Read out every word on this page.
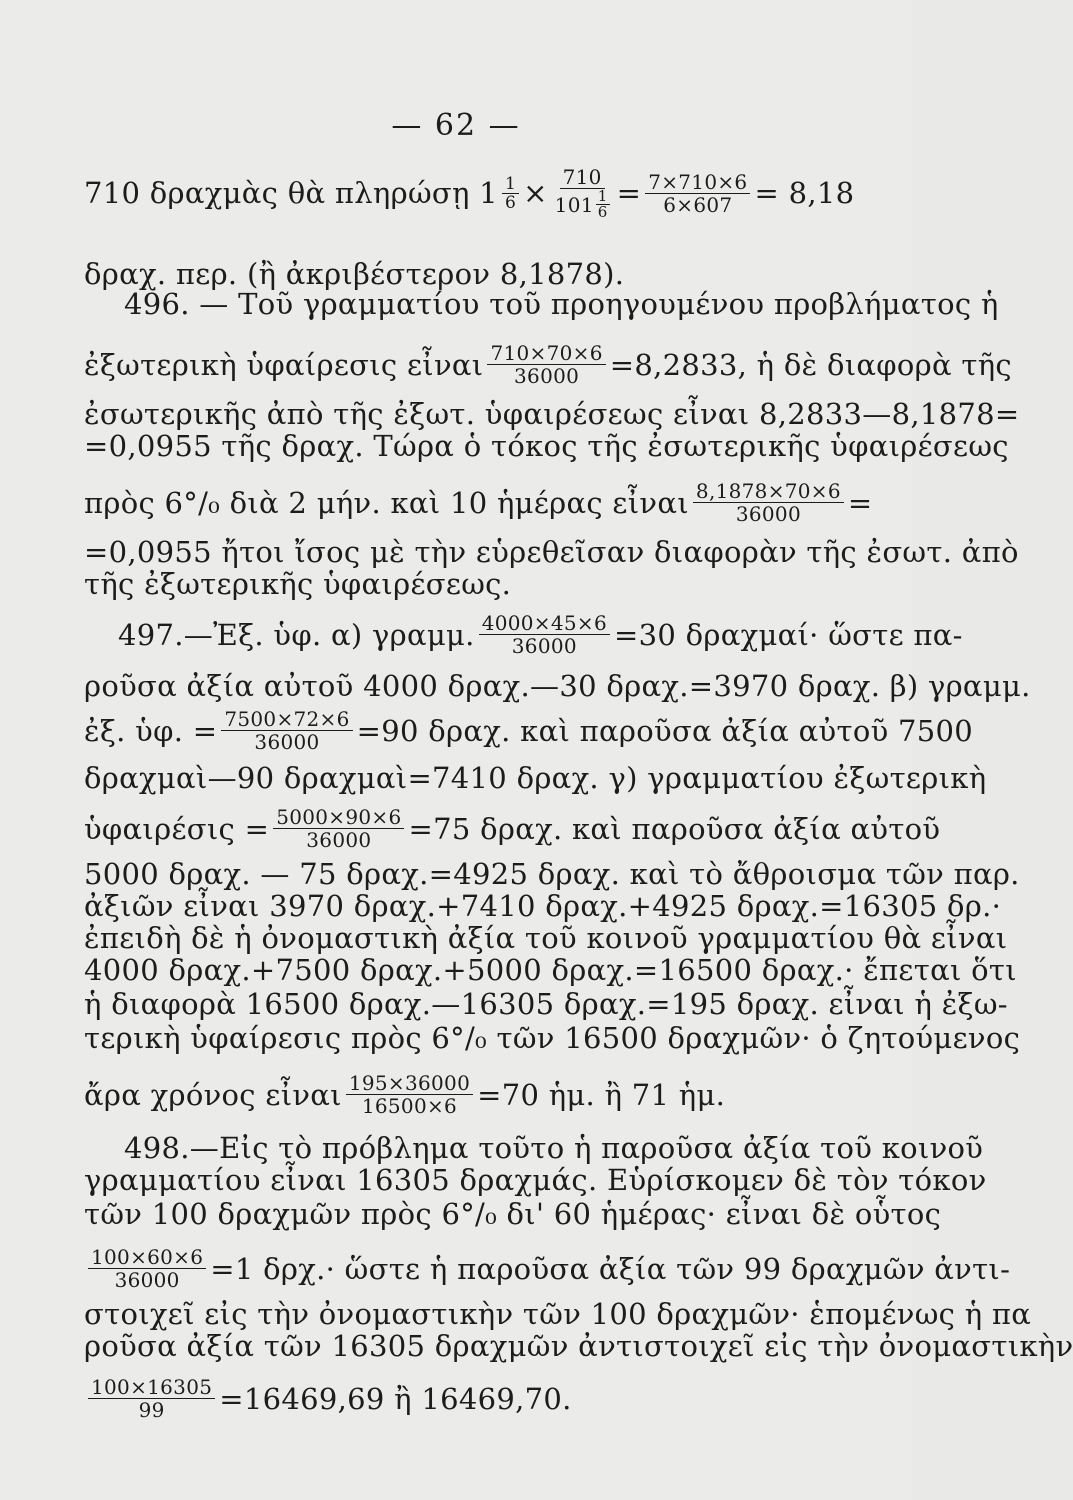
— 62 —
710 δραχμὰς θὰ πληρώσῃ $1 \frac{1}{6} \times \frac{710}{101 \frac{1}{6}} = \frac{7\times 710\times 6}{6\times 607} = 8,18$
δραχ. περ. (ἢ ἀκριβέστερον 8,1878).
496. — Τοῦ γραμματίου τοῦ προηγουμένου προβλήματος ἡ
ἐξωτερικὴ ὑφαίρεσις εἶναι $\frac{710\times 70\times 6}{36000} =8,2833$, ἡ δὲ διαφορὰ τῆς
ἐσωτερικῆς ἀπὸ τῆς ἐξωτ. ὑφαιρέσεως εἶναι 8,2833—8,1878=
=0,0955 τῆς δραχ. Τώρα ὁ τόκος τῆς ἐσωτερικῆς ὑφαιρέσεως
πρὸς 6°/₀ διὰ 2 μήν. καὶ 10 ἡμέρας εἶναι $\frac{8,1878\times 70\times 6}{36000}$ =
=0,0955 ἤτοι ἴσος μὲ τὴν εὑρεθεῖσαν διαφορὰν τῆς ἐσωτ. ἀπὸ
τῆς ἐξωτερικῆς ὑφαιρέσεως.
497.—Ἐξ. ὑφ. α) γραμμ. $\frac{4000\times 45\times 6}{36000} =30$ δραχμαί· ὥστε πα-
ροῦσα ἀξία αὐτοῦ 4000 δραχ.—30 δραχ.=3970 δραχ. β) γραμμ.
ἐξ. ὑφ. = $\frac{7500\times 72\times 6}{36000} =90$ δραχ. καὶ παροῦσα ἀξία αὐτοῦ 7500
δραχμαὶ—90 δραχμαὶ=7410 δραχ. γ) γραμματίου ἐξωτερικὴ
ὑφαιρέσις = $\frac{5000\times 90\times 6}{36000} =75$ δραχ. καὶ παροῦσα ἀξία αὐτοῦ
5000 δραχ. — 75 δραχ.=4925 δραχ. καὶ τὸ ἄθροισμα τῶν παρ.
ἀξιῶν εἶναι 3970 δραχ.+7410 δραχ.+4925 δραχ.=16305 δρ.·
ἐπειδὴ δὲ ἡ ὀνομαστικὴ ἀξία τοῦ κοινοῦ γραμματίου θὰ εἶναι
4000 δραχ.+7500 δραχ.+5000 δραχ.=16500 δραχ.· ἔπεται ὅτι
ἡ διαφορὰ 16500 δραχ.—16305 δραχ.=195 δραχ. εἶναι ἡ ἐξω-
τερικὴ ὑφαίρεσις πρὸς 6°/₀ τῶν 16500 δραχμῶν· ὁ ζητούμενος
ἄρα χρόνος εἶναι $\frac{195\times 36000}{16500\times 6} =70$ ἡμ. ἢ 71 ἡμ.
498.—Εἰς τὸ πρόβλημα τοῦτο ἡ παροῦσα ἀξία τοῦ κοινοῦ
γραμματίου εἶναι 16305 δραχμάς. Εὑρίσκομεν δὲ τὸν τόκον
τῶν 100 δραχμῶν πρὸς 6°/₀ δι' 60 ἡμέρας· εἶναι δὲ οὗτος
$\frac{100\times 60\times 6}{36000} =1$ δρχ.· ὥστε ἡ παροῦσα ἀξία τῶν 99 δραχμῶν ἀντι-
στοιχεῖ εἰς τὴν ὀνομαστικὴν τῶν 100 δραχμῶν· ἑπομένως ἡ πα
ροῦσα ἀξία τῶν 16305 δραχμῶν ἀντιστοιχεῖ εἰς τὴν ὀνομαστικὴν
$\frac{100\times 16305}{99} =16469,69$ ἢ 16469,70.
